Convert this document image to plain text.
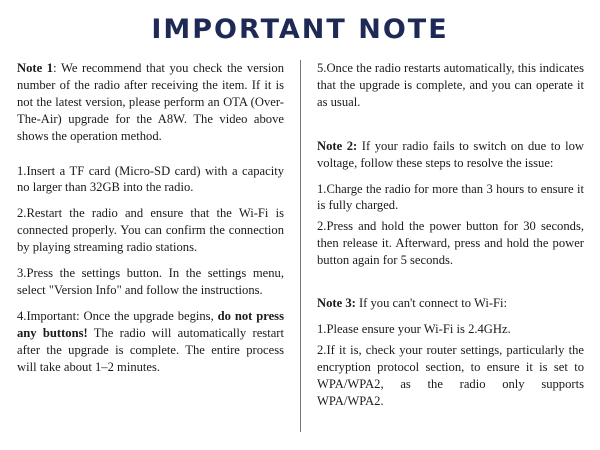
IMPORTANT NOTE

Note 1: We recommend that you check the version number of the radio after receiving the item. If it is not the latest version, please perform an OTA (Over-The-Air) upgrade for the A8W. The video above shows the operation method.

1.Insert a TF card (Micro-SD card) with a capacity no larger than 32GB into the radio.

2.Restart the radio and ensure that the Wi-Fi is connected properly. You can confirm the connection by playing streaming radio stations.

3.Press the settings button. In the settings menu, select "Version Info" and follow the instructions.

4.Important: Once the upgrade begins, do not press any buttons! The radio will automatically restart after the upgrade is complete. The entire process will take about 1–2 minutes.

5.Once the radio restarts automatically, this indicates that the upgrade is complete, and you can operate it as usual.

Note 2: If your radio fails to switch on due to low voltage, follow these steps to resolve the issue:

1.Charge the radio for more than 3 hours to ensure it is fully charged.

2.Press and hold the power button for 30 seconds, then release it. Afterward, press and hold the power button again for 5 seconds.

Note 3: If you can't connect to Wi-Fi:

1.Please ensure your Wi-Fi is 2.4GHz.

2.If it is, check your router settings, particularly the encryption protocol section, to ensure it is set to WPA/WPA2, as the radio only supports WPA/WPA2.
